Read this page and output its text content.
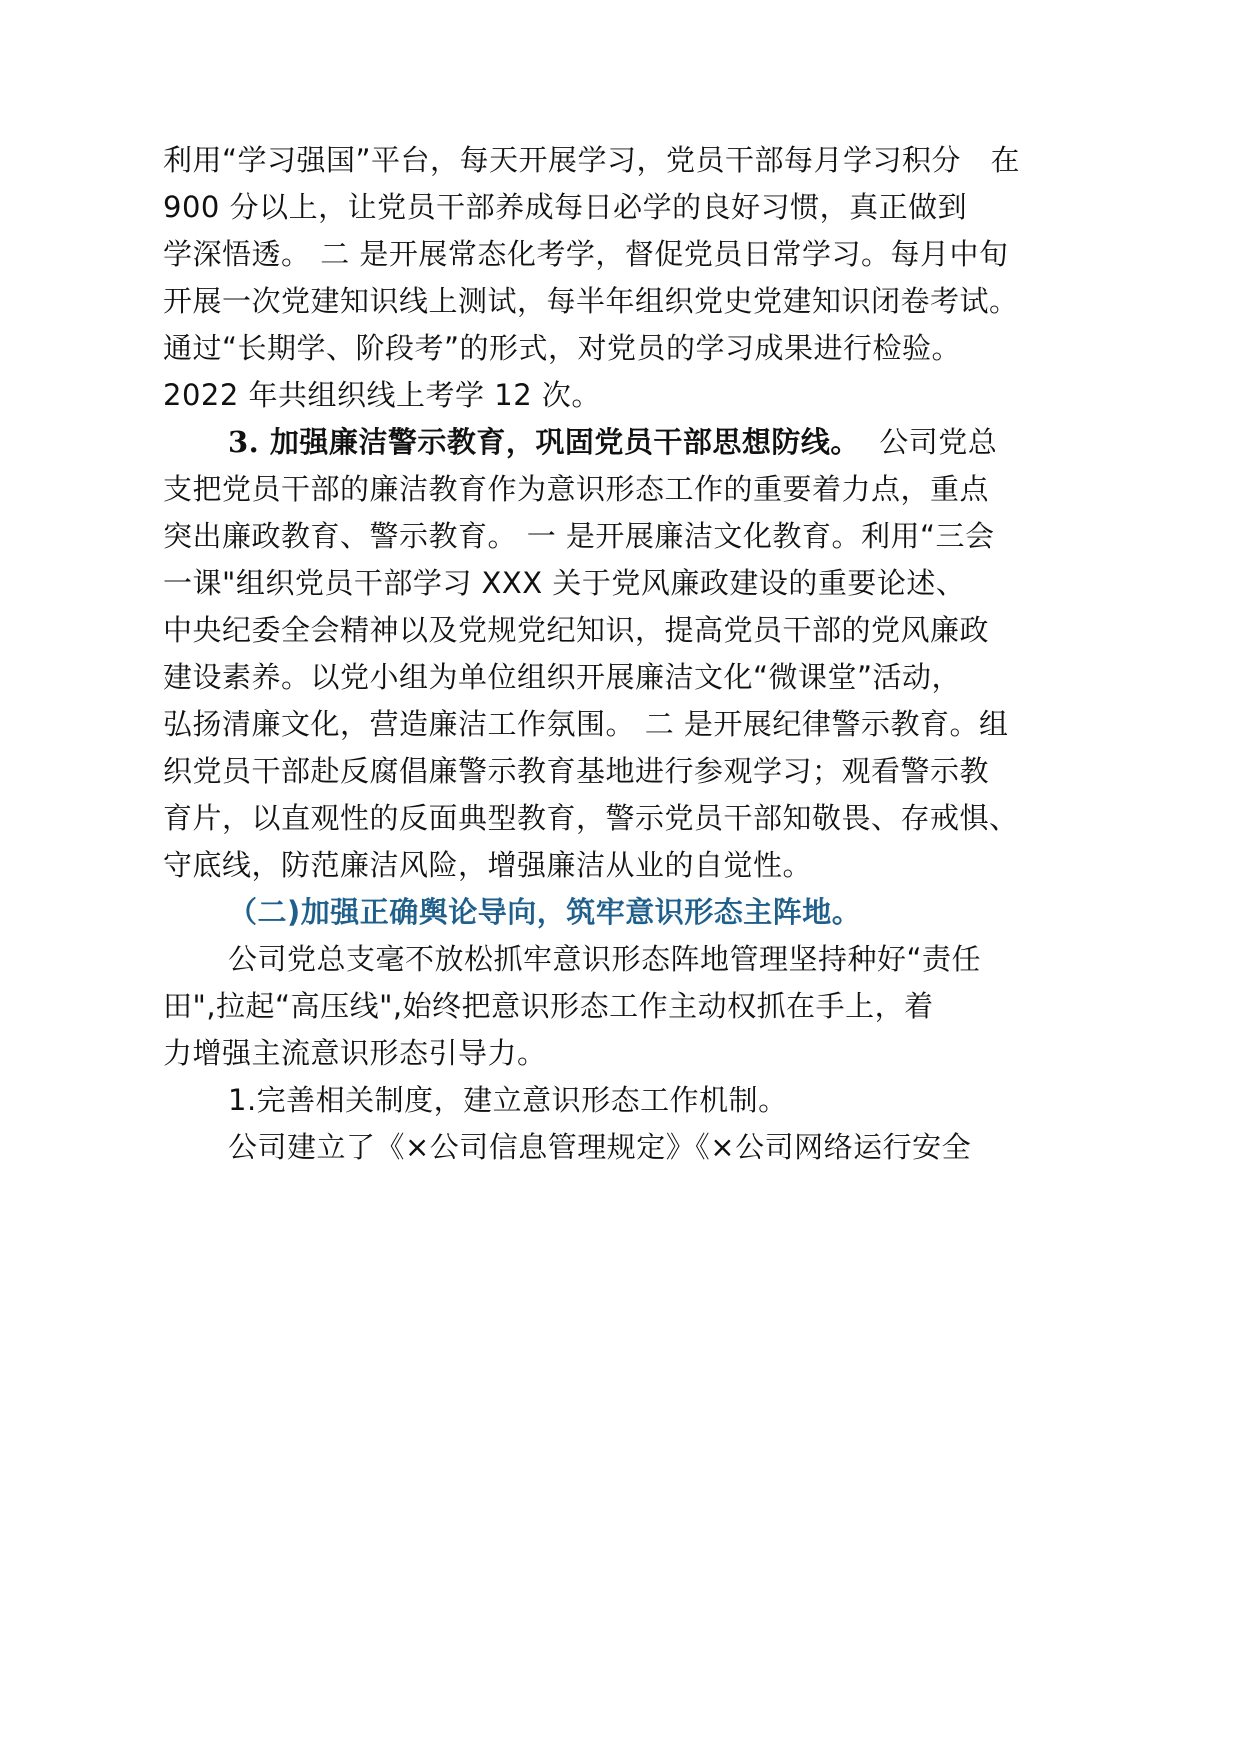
利用“学习强国”平台，每天开展学习，党员干部每月学习积分　在
900 分以上，让党员干部养成每日必学的良好习惯，真正做到
学深悟透。 二 是开展常态化考学，督促党员日常学习。每月中旬
开展一次党建知识线上测试，每半年组织党史党建知识闭卷考试。
通过“长期学、阶段考”的形式，对党员的学习成果进行检验。
2022 年共组织线上考学 12 次。
3. 加强廉洁警示教育，巩固党员干部思想防线。  公司党总
支把党员干部的廉洁教育作为意识形态工作的重要着力点，重点
突出廉政教育、警示教育。 一 是开展廉洁文化教育。利用“三会
一课"组织党员干部学习 XXX 关于党风廉政建设的重要论述、
中央纪委全会精神以及党规党纪知识，提高党员干部的党风廉政
建设素养。以党小组为单位组织开展廉洁文化“微课堂”活动，
弘扬清廉文化，营造廉洁工作氛围。 二 是开展纪律警示教育。组
织党员干部赴反腐倡廉警示教育基地进行参观学习；观看警示教
育片，以直观性的反面典型教育，警示党员干部知敬畏、存戒惧、
守底线，防范廉洁风险，增强廉洁从业的自觉性。
（二)加强正确舆论导向，筑牢意识形态主阵地。
公司党总支毫不放松抓牢意识形态阵地管理坚持种好“责任
田",拉起“高压线",始终把意识形态工作主动权抓在手上，着
力增强主流意识形态引导力。
1.完善相关制度，建立意识形态工作机制。
公司建立了《×公司信息管理规定》《×公司网络运行安全
